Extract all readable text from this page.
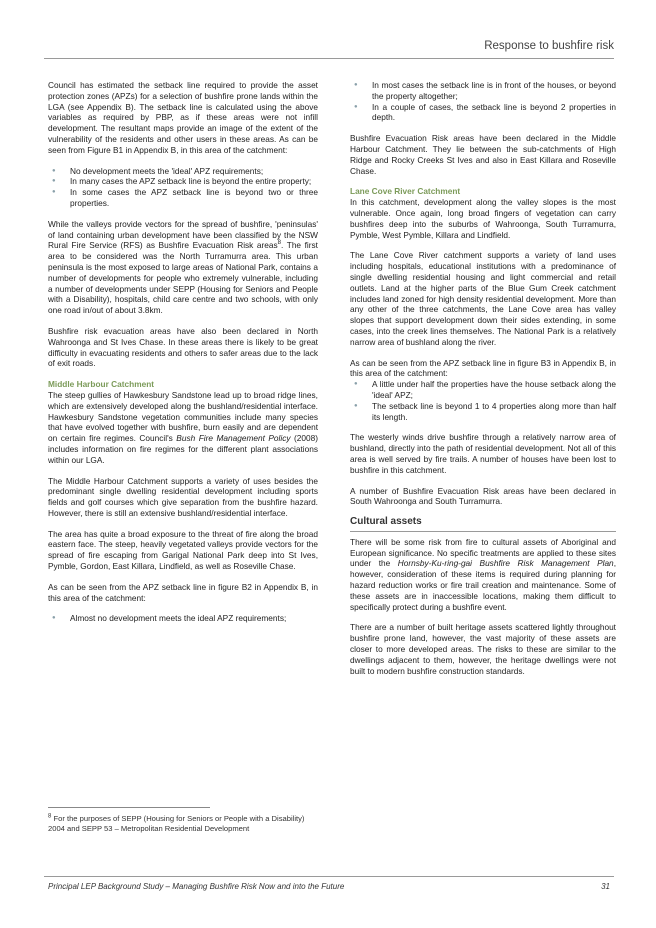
Response to bushfire risk

Council has estimated the setback line required to provide the asset protection zones (APZs) for a selection of bushfire prone lands within the LGA (see Appendix B). The setback line is calculated using the above variables as required by PBP, as if these areas were not infill development. The resultant maps provide an image of the extent of the vulnerability of the residents and other users in these areas. As can be seen from Figure B1 in Appendix B, in this area of the catchment:

● No development meets the 'ideal' APZ requirements;
● In many cases the APZ setback line is beyond the entire property;
● In some cases the APZ setback line is beyond two or three properties.

While the valleys provide vectors for the spread of bushfire, 'peninsulas' of land containing urban development have been classified by the NSW Rural Fire Service (RFS) as Bushfire Evacuation Risk areas$^8$. The first area to be considered was the North Turramurra area. This urban peninsula is the most exposed to large areas of National Park, contains a number of developments for people who extremely vulnerable, including a number of developments under SEPP (Housing for Seniors and People with a Disability), hospitals, child care centre and two schools, with only one road in/out of about 3.8km.

Bushfire risk evacuation areas have also been declared in North Wahroonga and St Ives Chase. In these areas there is likely to be great difficulty in evacuating residents and others to safer areas due to the lack of exit roads.

Middle Harbour Catchment

The steep gullies of Hawkesbury Sandstone lead up to broad ridge lines, which are extensively developed along the bushland/residential interface. Hawkesbury Sandstone vegetation communities include many species that have evolved together with bushfire, burn easily and are dependent on certain fire regimes. Council's Bush Fire Management Policy (2008) includes information on fire regimes for the different plant associations within our LGA.

The Middle Harbour Catchment supports a variety of uses besides the predominant single dwelling residential development including sports fields and golf courses which give separation from the bushfire hazard. However, there is still an extensive bushland/residential interface.

The area has quite a broad exposure to the threat of fire along the broad eastern face. The steep, heavily vegetated valleys provide vectors for the spread of fire escaping from Garigal National Park deep into St Ives, Pymble, Gordon, East Killara, Lindfield, as well as Roseville Chase.

As can be seen from the APZ setback line in figure B2 in Appendix B, in this area of the catchment:

● Almost no development meets the ideal APZ requirements;
$^8$ For the purposes of SEPP (Housing for Seniors or People with a Disability) 2004 and SEPP 53 – Metropolitan Residential Development
● In most cases the setback line is in front of the houses, or beyond the property altogether;
● In a couple of cases, the setback line is beyond 2 properties in depth.

Bushfire Evacuation Risk areas have been declared in the Middle Harbour Catchment. They lie between the sub-catchments of High Ridge and Rocky Creeks St Ives and also in East Killara and Roseville Chase.

Lane Cove River Catchment

In this catchment, development along the valley slopes is the most vulnerable. Once again, long broad fingers of vegetation can carry bushfires deep into the suburbs of Wahroonga, South Turramurra, Pymble, West Pymble, Killara and Lindfield.

The Lane Cove River catchment supports a variety of land uses including hospitals, educational institutions with a predominance of single dwelling residential housing and light commercial and retail outlets. Land at the higher parts of the Blue Gum Creek catchment includes land zoned for high density residential development. More than any other of the three catchments, the Lane Cove area has valley slopes that support development down their sides extending, in some cases, into the creek lines themselves. The National Park is a relatively narrow area of bushland along the river.

As can be seen from the APZ setback line in figure B3 in Appendix B, in this area of the catchment:

● A little under half the properties have the house setback along the 'ideal' APZ;
● The setback line is beyond 1 to 4 properties along more than half its length.

The westerly winds drive bushfire through a relatively narrow area of bushland, directly into the path of residential development. Not all of this area is well served by fire trails. A number of houses have been lost to bushfire in this catchment.

A number of Bushfire Evacuation Risk areas have been declared in South Wahroonga and South Turramurra.

Cultural assets

There will be some risk from fire to cultural assets of Aboriginal and European significance. No specific treatments are applied to these sites under the Hornsby-Ku-ring-gai Bushfire Risk Management Plan, however, consideration of these items is required during planning for hazard reduction works or fire trail creation and maintenance. Some of these assets are in inaccessible locations, making them difficult to specifically protect during a bushfire event.

There are a number of built heritage assets scattered lightly throughout bushfire prone land, however, the vast majority of these assets are closer to more developed areas. The risks to these are similar to the dwellings adjacent to them, however, the heritage dwellings were not built to modern bushfire construction standards.

Principal LEP Background Study – Managing Bushfire Risk Now and into the Future	31
